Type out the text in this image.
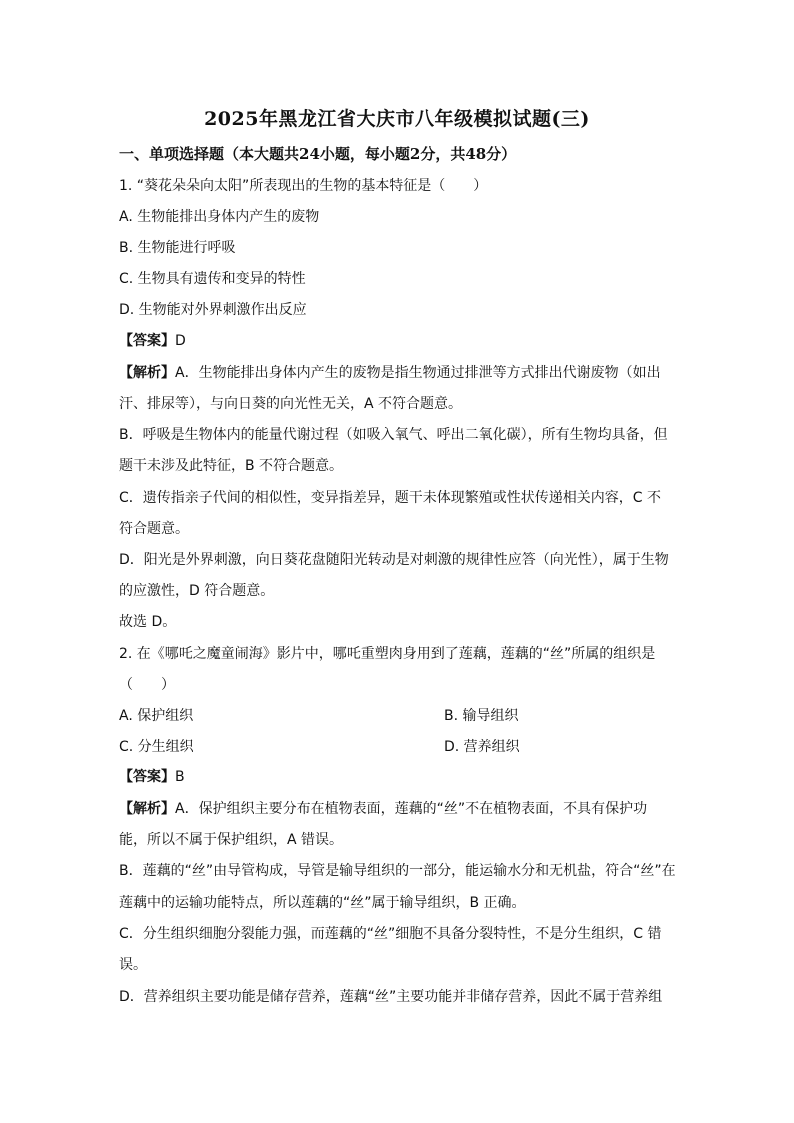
2025年黑龙江省大庆市八年级模拟试题(三)
一、单项选择题（本大题共24小题，每小题2分，共48分）
1. “葵花朵朵向太阳”所表现出的生物的基本特征是（　　）
A. 生物能排出身体内产生的废物
B. 生物能进行呼吸
C. 生物具有遗传和变异的特性
D. 生物能对外界刺激作出反应
【答案】D
【解析】A．生物能排出身体内产生的废物是指生物通过排泄等方式排出代谢废物（如出
汗、排尿等），与向日葵的向光性无关，A 不符合题意。
B．呼吸是生物体内的能量代谢过程（如吸入氧气、呼出二氧化碳），所有生物均具备，但
题干未涉及此特征，B 不符合题意。
C．遗传指亲子代间的相似性，变异指差异，题干未体现繁殖或性状传递相关内容，C 不
符合题意。
D．阳光是外界刺激，向日葵花盘随阳光转动是对刺激的规律性应答（向光性），属于生物
的应激性，D 符合题意。
故选 D。
2. 在《哪吒之魔童闹海》影片中，哪吒重塑肉身用到了莲藕，莲藕的“丝”所属的组织是
（　　）
A. 保护组织	B. 输导组织
C. 分生组织	D. 营养组织
【答案】B
【解析】A．保护组织主要分布在植物表面，莲藕的“丝”不在植物表面，不具有保护功
能，所以不属于保护组织，A 错误。
B．莲藕的“丝”由导管构成，导管是输导组织的一部分，能运输水分和无机盐，符合“丝”在
莲藕中的运输功能特点，所以莲藕的“丝”属于输导组织，B 正确。
C．分生组织细胞分裂能力强，而莲藕的“丝”细胞不具备分裂特性，不是分生组织，C 错
误。
D．营养组织主要功能是储存营养，莲藕“丝”主要功能并非储存营养，因此不属于营养组
